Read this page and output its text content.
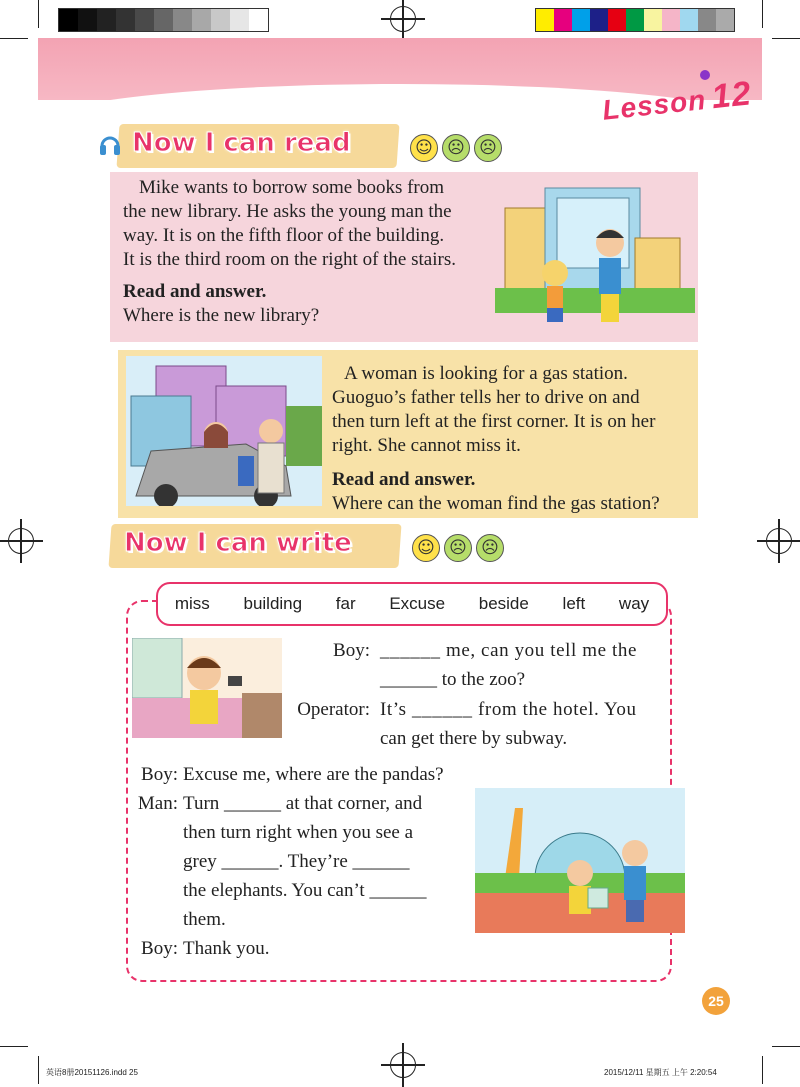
Lesson12
Now I can read	☺ ☹ ☹

Mike wants to borrow some books from

the new library. He asks the young man the

way. It is on the fifth floor of the building.

It is the third room on the right of the stairs.

Read and answer.

Where is the new library?

A woman is looking for a gas station.

Guoguo’s father tells her to drive on and

then turn left at the first corner. It is on her

right. She cannot miss it.

Read and answer.

Where can the woman find the gas station?

Now I can write	☺ ☹ ☹
miss building far Excuse beside left way
Boy: ______ me, can you tell me the
______ to the zoo?
Operator: It’s ______ from the hotel. You
can get there by subway.
Boy: Excuse me, where are the pandas?
Man: Turn ______ at that corner, and
then turn right when you see a
grey ______. They’re ______
the elephants. You can’t ______
them.
Boy: Thank you.
25
英语8册20151126.indd 25	2015/12/11 星期五 上午 2:20:54
